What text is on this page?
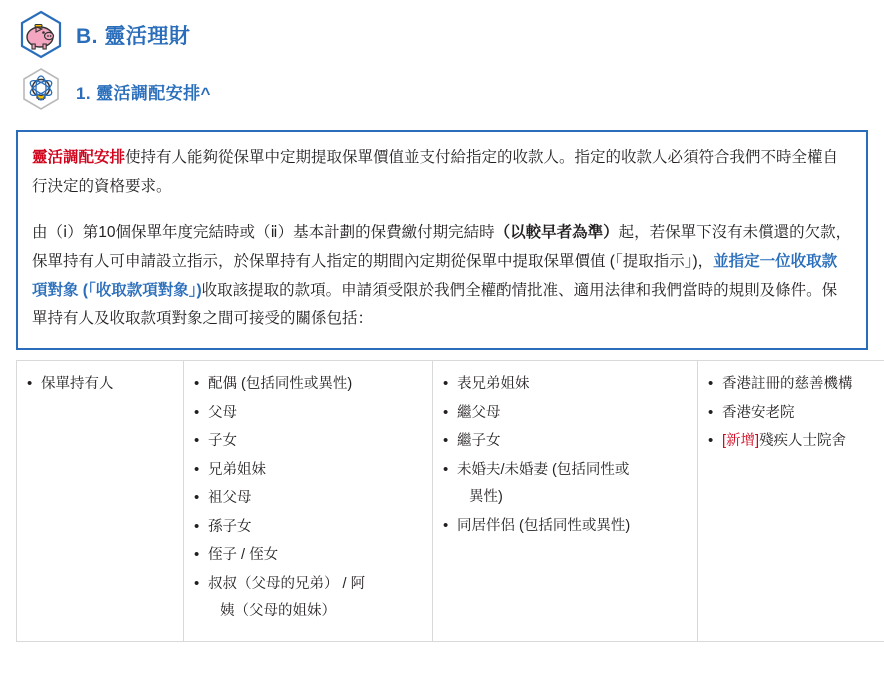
B. 靈活理財
1. 靈活調配安排^

靈活調配安排使持有人能夠從保單中定期提取保單價值並支付給指定的收款人。指定的收款人必須符合我們不時全權自行決定的資格要求。

由（ⅰ）第10個保單年度完結時或（ⅱ）基本計劃的保費繳付期完結時（以較早者為準）起，若保單下沒有未償還的欠款，保單持有人可申請設立指示，於保單持有人指定的期間內定期從保單中提取保單價值 (「提取指示」)，並指定一位收取款項對象 (「收取款項對象」)收取該提取的款項。申請須受限於我們全權酌情批准、適用法律和我們當時的規則及條件。保單持有人及收取款項對象之間可接受的關係包括：

• 保單持有人

•配偶 (包括同性或異性)
• 父母
• 子女
• 兄弟姐妹
• 祖父母
• 孫子女
• 侄子 / 侄女
• 叔叔（父母的兄弟） / 阿
姨（父母的姐妹）

• 表兄弟姐妹
• 繼父母
• 繼子女
• 未婚夫/未婚妻 (包括同性或
異性)
• 同居伴侶 (包括同性或異性)

• 香港註冊的慈善機構
• 香港安老院
• [新增]殘疾人士院舍
